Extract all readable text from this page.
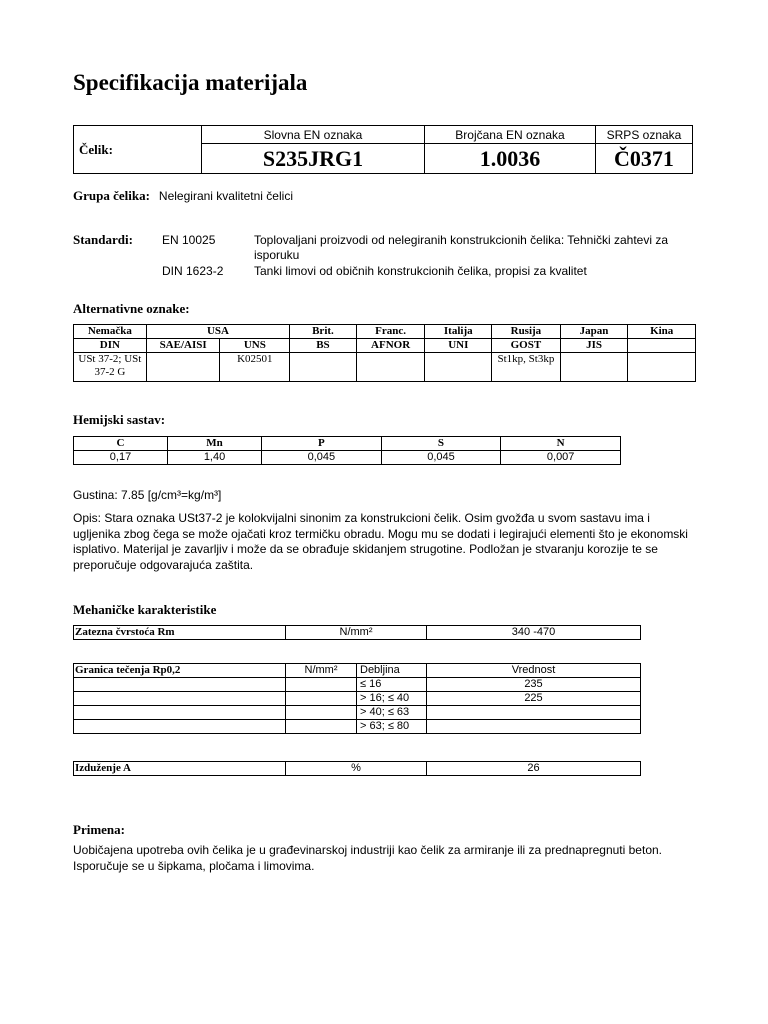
Specifikacija materijala
Čelik:	Slovna EN oznaka	Brojčana EN oznaka	SRPS oznaka
	S235JRG1	1.0036	Č0371
Grupa čelika: Nelegirani kvalitetni čelici
Standardi: EN 10025	Toplovaljani proizvodi od nelegiranih konstrukcionih čelika: Tehnički zahtevi za isporuku
DIN 1623-2	Tanki limovi od običnih konstrukcionih čelika, propisi za kvalitet
Alternativne oznake:
Nemačka	USA		Brit.	Franc.	Italija	Rusija	Japan	Kina
DIN	SAE/AISI	UNS	BS	AFNOR	UNI	GOST	JIS	
USt 37-2; USt 37-2 G		K02501				St1kp, St3kp		
Hemijski sastav:
C	Mn	P	S	N
0,17	1,40	0,045	0,045	0,007
Gustina: 7.85 [g/cm³=kg/m³]
Opis: Stara oznaka USt37-2 je kolokvijalni sinonim za konstrukcioni čelik. Osim gvožđa u svom sastavu ima i ugljenika zbog čega se može ojačati kroz termičku obradu. Mogu mu se dodati i legirajući elementi što je ekonomski isplativo. Materijal je zavarljiv i može da se obrađuje skidanjem strugotine. Podložan je stvaranju korozije te se preporučuje odgovarajuća zaštita.
Mehaničke karakteristike
Zatezna čvrstoća Rm	N/mm²	340 -470
Granica tečenja Rp0,2	N/mm²	Debljina	Vrednost
		≤ 16	235
		> 16; ≤ 40	225
		> 40; ≤ 63	
		> 63; ≤ 80	
Izduženje A	%	26
Primena:
Uobičajena upotreba ovih čelika je u građevinarskoj industriji kao čelik za armiranje ili za prednapregnuti beton. Isporučuje se u šipkama, pločama i limovima.
